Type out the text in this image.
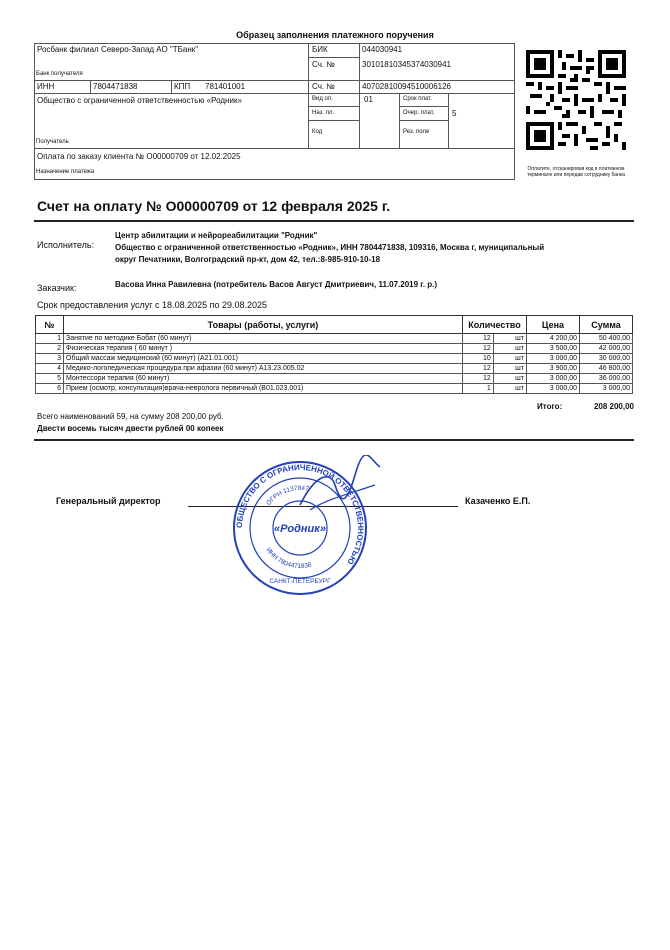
Образец заполнения платежного поручения
Росбанк филиал Северо-Запад АО "ТБанк"
Банк получателя
БИК	044030941
Сч. №	30101810345374030941
ИНН	7804471838	КПП 781401001	Сч. №	40702810094510006126
Общество с ограниченной ответственностью «Родник»
Получатель
Вид оп.	01
Наз. пл.
Код
Срок плат.
Очер. плат. 5
Рез. поле
Оплата по заказу клиента № О00000709 от 12.02.2025
Назначение платежа	Оплатите, отсканировав код в платежном терминале или передав сотруднику банка
Счет на оплату № О00000709 от 12 февраля 2025 г.
Исполнитель:
Центр абилитации и нейрореабилитации "Родник"
Общество с ограниченной ответственностью «Родник», ИНН 7804471838, 109316, Москва г, муниципальный
округ Печатники, Волгоградский пр-кт, дом 42, тел.:8-985-910-10-18
Заказчик:	Васова Инна Равилевна (потребитель Васов Август Дмитриевич, 11.07.2019 г. р.)
Срок предоставления услуг с 18.08.2025 по 29.08.2025
№	Товары (работы, услуги)	Количество		Цена	Сумма
1	Занятие по методике Бобат (60 минут)	12	шт	4 200,00	50 400,00
2	Физическая терапия ( 60 минут )	12	шт	3 500,00	42 000,00
3	Общий массаж медицинский (60 минут) (А21.01.001)	10	шт	3 000,00	30 000,00
4	Медико-логопедическая процедура при афазии (60 минут) А13.23.005.02	12	шт	3 900,00	46 800,00
5	Монтессори терапия (60 минут)	12	шт	3 000,00	36 000,00
6	Прием (осмотр, консультация)врача-невролога первичный (В01.023.001)	1	шт	3 000,00	3 000,00
Итого:	208 200,00
Всего наименований 59, на сумму 208 200,00 руб.
Двести восемь тысяч двести рублей 00 копеек
Генеральный директор	Казаченко Е.П.
ОБЩЕСТВО С ОГРАНИЧЕННОЙ ОТВЕТСТВЕННОСТЬЮ
ОГРН 1137847
ИНН 7804471838
«Родник»
САНКТ-ПЕТЕРБУРГ
